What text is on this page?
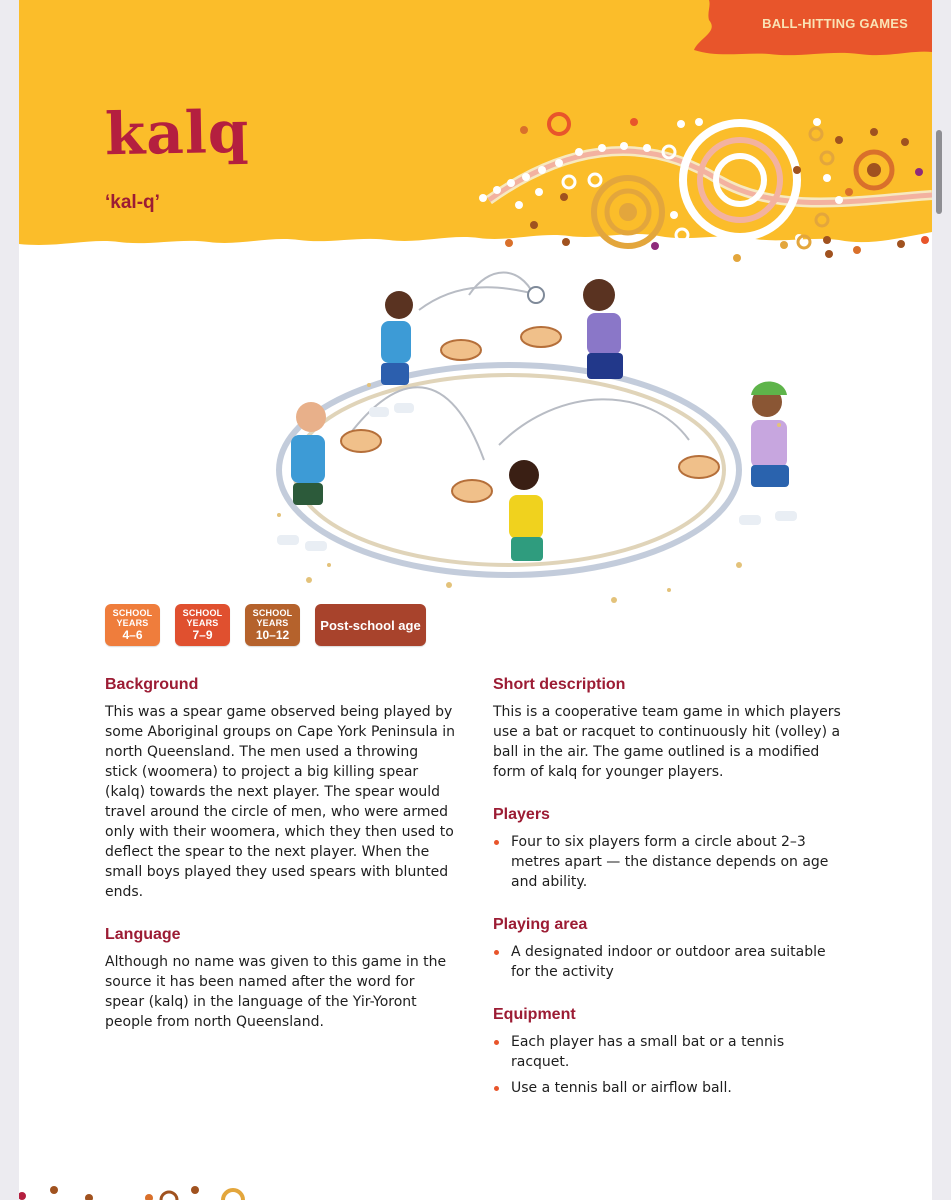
BALL-HITTING GAMES
kalq

‘kal-q’

SCHOOL
YEARS
4–6
SCHOOL
YEARS
7–9
SCHOOL
YEARS
10–12
Post-school age
Background

This was a spear game observed being played by some Aboriginal groups on Cape York Peninsula in north Queensland. The men used a throwing stick (woomera) to project a big killing spear (kalq) towards the next player. The spear would travel around the circle of men, who were armed only with their woomera, which they then used to deflect the spear to the next player. When the small boys played they used spears with blunted ends.

Language

Although no name was given to this game in the source it has been named after the word for spear (kalq) in the language of the Yir-Yoront people from north Queensland.

Short description

This is a cooperative team game in which players use a bat or racquet to continuously hit (volley) a ball in the air. The game outlined is a modified form of kalq for younger players.

Players
Four to six players form a circle about 2–3 metres apart — the distance depends on age and ability.
Playing area
A designated indoor or outdoor area suitable for the activity
Equipment
Each player has a small bat or a tennis racquet.
Use a tennis ball or airflow ball.
